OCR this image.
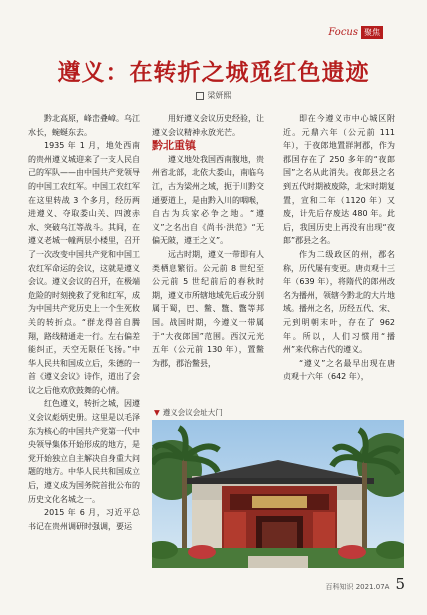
Focus 聚焦
遵义：在转折之城觅红色遗迹
梁妍熙

黔北高原，峰峦叠嶂。乌江水长，蜿蜒东去。

1935 年 1 月，地处西南的贵州遵义城迎来了一支人民自己的军队——由中国共产党领导的中国工农红军。中国工农红军在这里转战 3 个多月，经历两进遵义、夺取娄山关、四渡赤水、突破乌江等战斗。其间，在遵义老城一幢两层小楼里，召开了一次改变中国共产党和中国工农红军命运的会议，这就是遵义会议。遵义会议的召开，在极端危险的时刻挽救了党和红军，成为中国共产党历史上一个生死攸关的转折点。“群龙得首自腾翔，路线精通走一行。左右偏差能纠正，天空无限任飞扬。”中华人民共和国成立后，朱德的一首《遵义会议》诗作，道出了会议之后他欢欣鼓舞的心情。

红色遵义，转折之城，因遵义会议彪炳史册。这里是以毛泽东为核心的中国共产党第一代中央领导集体开始形成的地方，是党开始独立自主解决自身重大问题的地方。中华人民共和国成立后，遵义成为国务院首批公布的历史文化名城之一。

2015 年 6 月，习近平总书记在贵州调研时强调，要运

用好遵义会议历史经验，让遵义会议精神永放光芒。

黔北重镇

遵义地处我国西南腹地，贵州省北部，北依大娄山，南临乌江，古为梁州之域，扼于川黔交通要道上，是由黔入川的咽喉，自古为兵家必争之地。“遵义”之名出自《尚书·洪范》“无偏无陂，遵王之义”。

远古时期，遵义一带即有人类栖息繁衍。公元前 8 世纪至公元前 5 世纪前后的春秋时期，遵义市所辖地域先后或分别属于蜀，巴、鳖、鄨、鄨等邦国。战国时期，今遵义一带属于“大夜郎国”范围。西汉元光五年（公元前 130 年），置鳖为郡，郡治鳖县，

即在今遵义市中心城区附近。元鼎六年（公元前 111 年），于夜郎地置牂牁郡，作为郡国存在了 250 多年的“夜郎国”之名从此消失。夜郎县之名到五代时期被废除，北宋时期复置，宣和二年（1120 年）又废，计先后存废达 480 年。此后，我国历史上再没有出现“夜郎”郡县之名。

作为二级政区的州，郡名称，历代屡有变更。唐贞观十三年（639 年），将隋代的郎州改名为播州，领辖今黔北的大片地域。播州之名，历经五代、宋、元到明朝末叶，存在了 962 年。所以，人们习惯用“播州”来代称古代的遵义。

“遵义”之名最早出现在唐贞观十六年（642 年），

▼ 遵义会议会址大门
百科知识 2021.07A 5
